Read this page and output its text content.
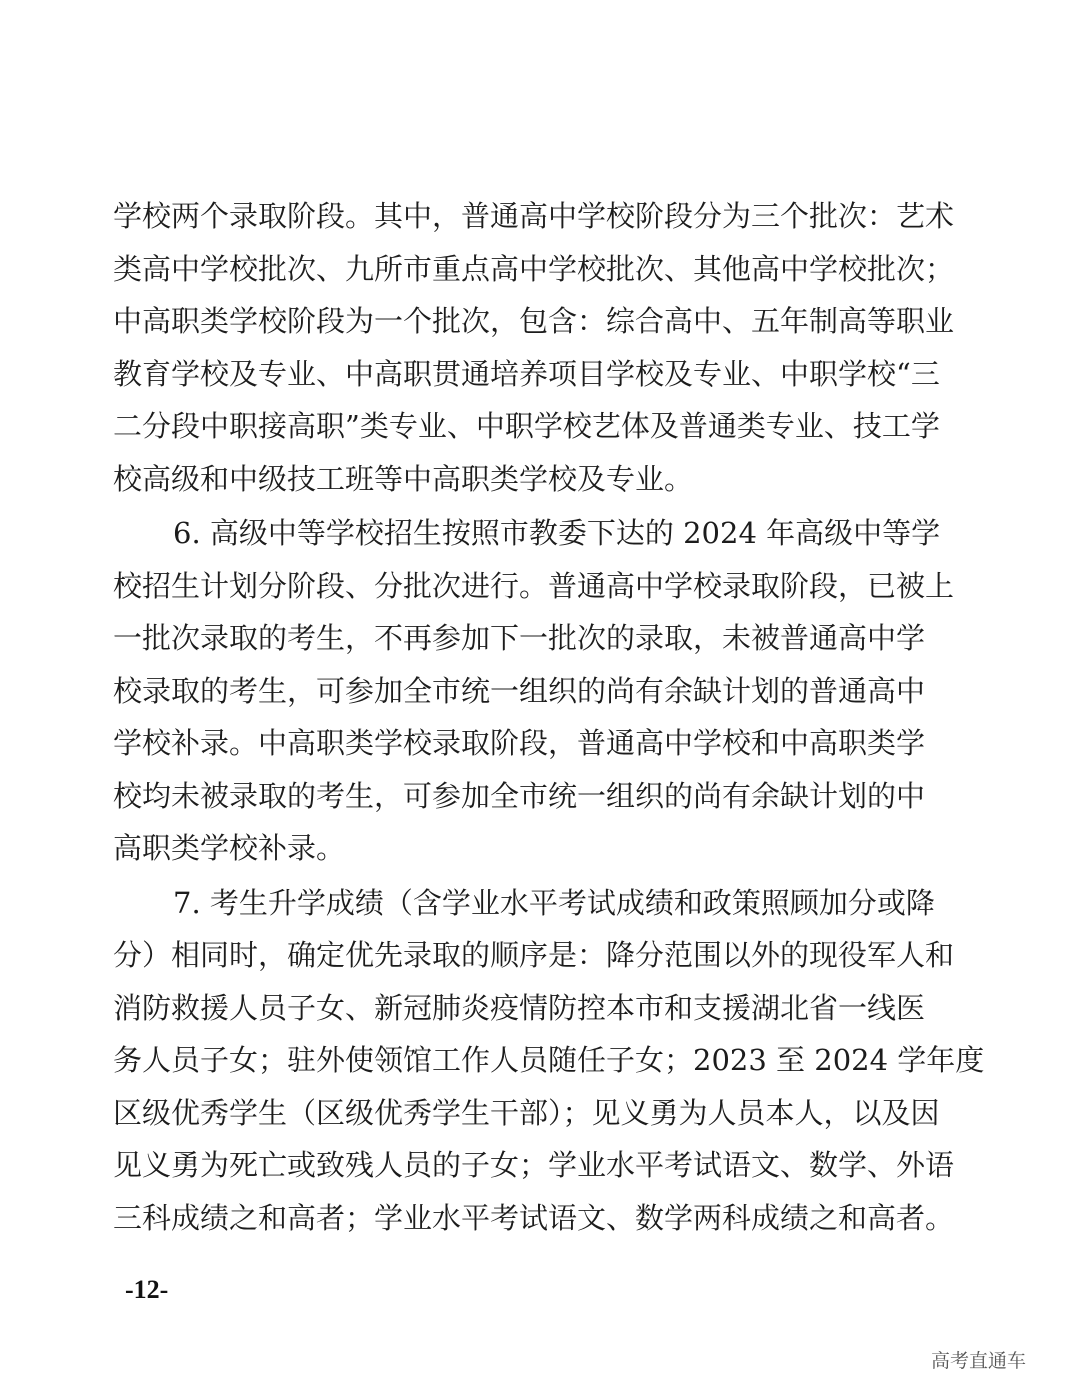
学校两个录取阶段。其中，普通高中学校阶段分为三个批次：艺术
类高中学校批次、九所市重点高中学校批次、其他高中学校批次；
中高职类学校阶段为一个批次，包含：综合高中、五年制高等职业
教育学校及专业、中高职贯通培养项目学校及专业、中职学校“三
二分段中职接高职”类专业、中职学校艺体及普通类专业、技工学
校高级和中级技工班等中高职类学校及专业。
6. 高级中等学校招生按照市教委下达的 2024 年高级中等学
校招生计划分阶段、分批次进行。普通高中学校录取阶段，已被上
一批次录取的考生，不再参加下一批次的录取，未被普通高中学
校录取的考生，可参加全市统一组织的尚有余缺计划的普通高中
学校补录。中高职类学校录取阶段，普通高中学校和中高职类学
校均未被录取的考生，可参加全市统一组织的尚有余缺计划的中
高职类学校补录。
7. 考生升学成绩（含学业水平考试成绩和政策照顾加分或降
分）相同时，确定优先录取的顺序是：降分范围以外的现役军人和
消防救援人员子女、新冠肺炎疫情防控本市和支援湖北省一线医
务人员子女；驻外使领馆工作人员随任子女；2023 至 2024 学年度
区级优秀学生（区级优秀学生干部）；见义勇为人员本人，以及因
见义勇为死亡或致残人员的子女；学业水平考试语文、数学、外语
三科成绩之和高者；学业水平考试语文、数学两科成绩之和高者。
-12-
高考直通车
